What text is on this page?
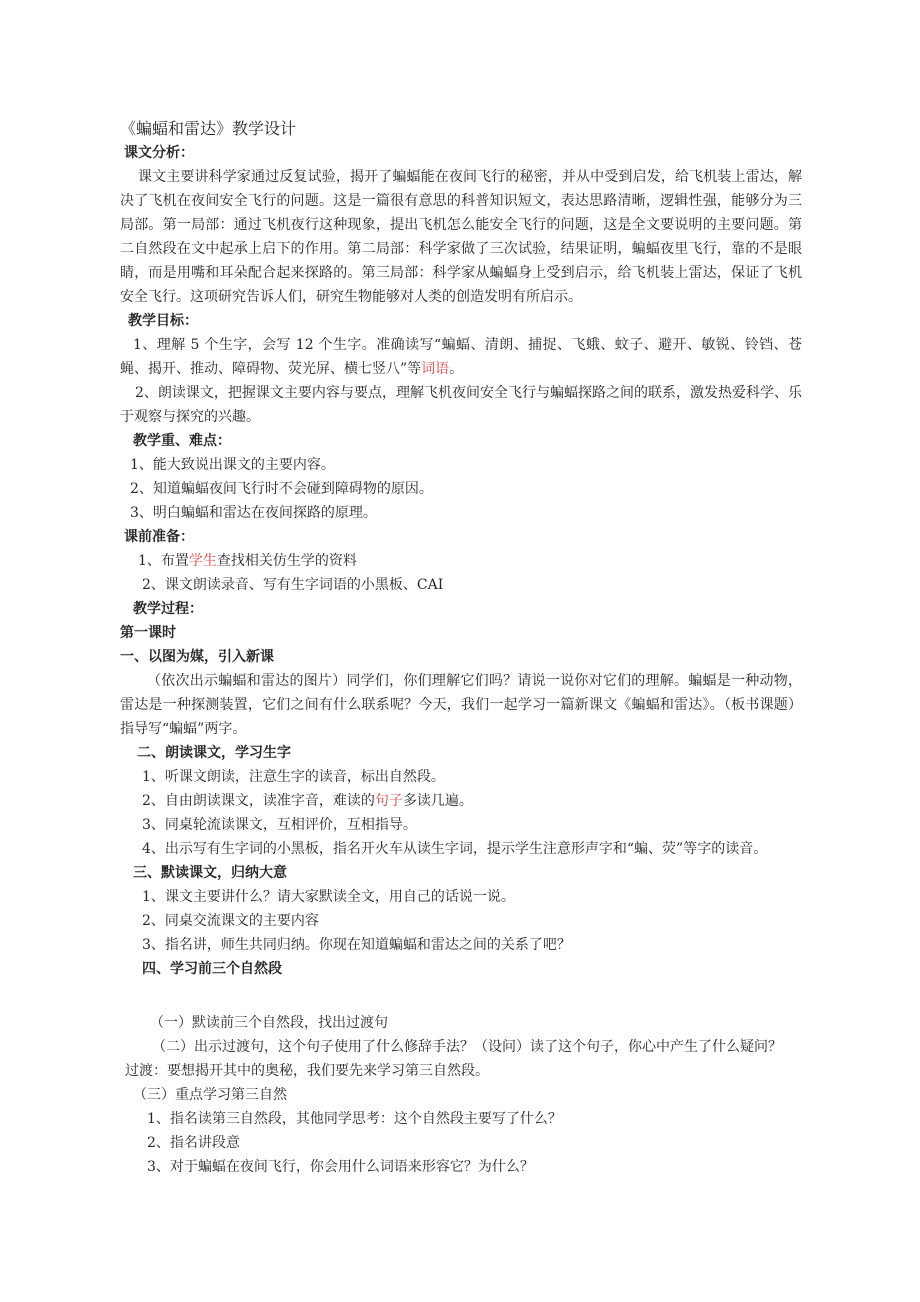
《蝙蝠和雷达》教学设计

课文分析：

课文主要讲科学家通过反复试验，揭开了蝙蝠能在夜间飞行的秘密，并从中受到启发，给飞机装上雷达，解决了飞机在夜间安全飞行的问题。这是一篇很有意思的科普知识短文，表达思路清晰，逻辑性强，能够分为三局部。第一局部：通过飞机夜行这种现象，提出飞机怎么能安全飞行的问题，这是全文要说明的主要问题。第二自然段在文中起承上启下的作用。第二局部：科学家做了三次试验，结果证明，蝙蝠夜里飞行，靠的不是眼睛，而是用嘴和耳朵配合起来探路的。第三局部：科学家从蝙蝠身上受到启示，给飞机装上雷达，保证了飞机安全飞行。这项研究告诉人们，研究生物能够对人类的创造发明有所启示。

教学目标：

1、理解 5 个生字，会写 12 个生字。准确读写“蝙蝠、清朗、捕捉、飞蛾、蚊子、避开、敏锐、铃铛、苍蝇、揭开、推动、障碍物、荧光屏、横七竖八”等词语。

2、朗读课文，把握课文主要内容与要点，理解飞机夜间安全飞行与蝙蝠探路之间的联系，激发热爱科学、乐于观察与探究的兴趣。

教学重、难点：

1、能大致说出课文的主要内容。

2、知道蝙蝠夜间飞行时不会碰到障碍物的原因。

3、明白蝙蝠和雷达在夜间探路的原理。

课前准备：

1、布置学生查找相关仿生学的资料

2、课文朗读录音、写有生字词语的小黑板、CAI

教学过程：

第一课时

一、以图为媒，引入新课

（依次出示蝙蝠和雷达的图片）同学们，你们理解它们吗？请说一说你对它们的理解。蝙蝠是一种动物，雷达是一种探测装置，它们之间有什么联系呢？今天，我们一起学习一篇新课文《蝙蝠和雷达》。（板书课题）指导写“蝙蝠”两字。

二、朗读课文，学习生字

1、听课文朗读，注意生字的读音，标出自然段。

2、自由朗读课文，读准字音，难读的句子多读几遍。

3、同桌轮流读课文，互相评价，互相指导。

4、出示写有生字词的小黑板，指名开火车从读生字词，提示学生注意形声字和“蝙、荧”等字的读音。

三、默读课文，归纳大意

1、课文主要讲什么？请大家默读全文，用自己的话说一说。

2、同桌交流课文的主要内容

3、指名讲，师生共同归纳。你现在知道蝙蝠和雷达之间的关系了吧？

四、学习前三个自然段

（一）默读前三个自然段，找出过渡句

（二）出示过渡句，这个句子使用了什么修辞手法？（设问）读了这个句子，你心中产生了什么疑问？

过渡：要想揭开其中的奥秘，我们要先来学习第三自然段。

（三）重点学习第三自然

1、指名读第三自然段，其他同学思考：这个自然段主要写了什么？

2、指名讲段意

3、对于蝙蝠在夜间飞行，你会用什么词语来形容它？为什么？
